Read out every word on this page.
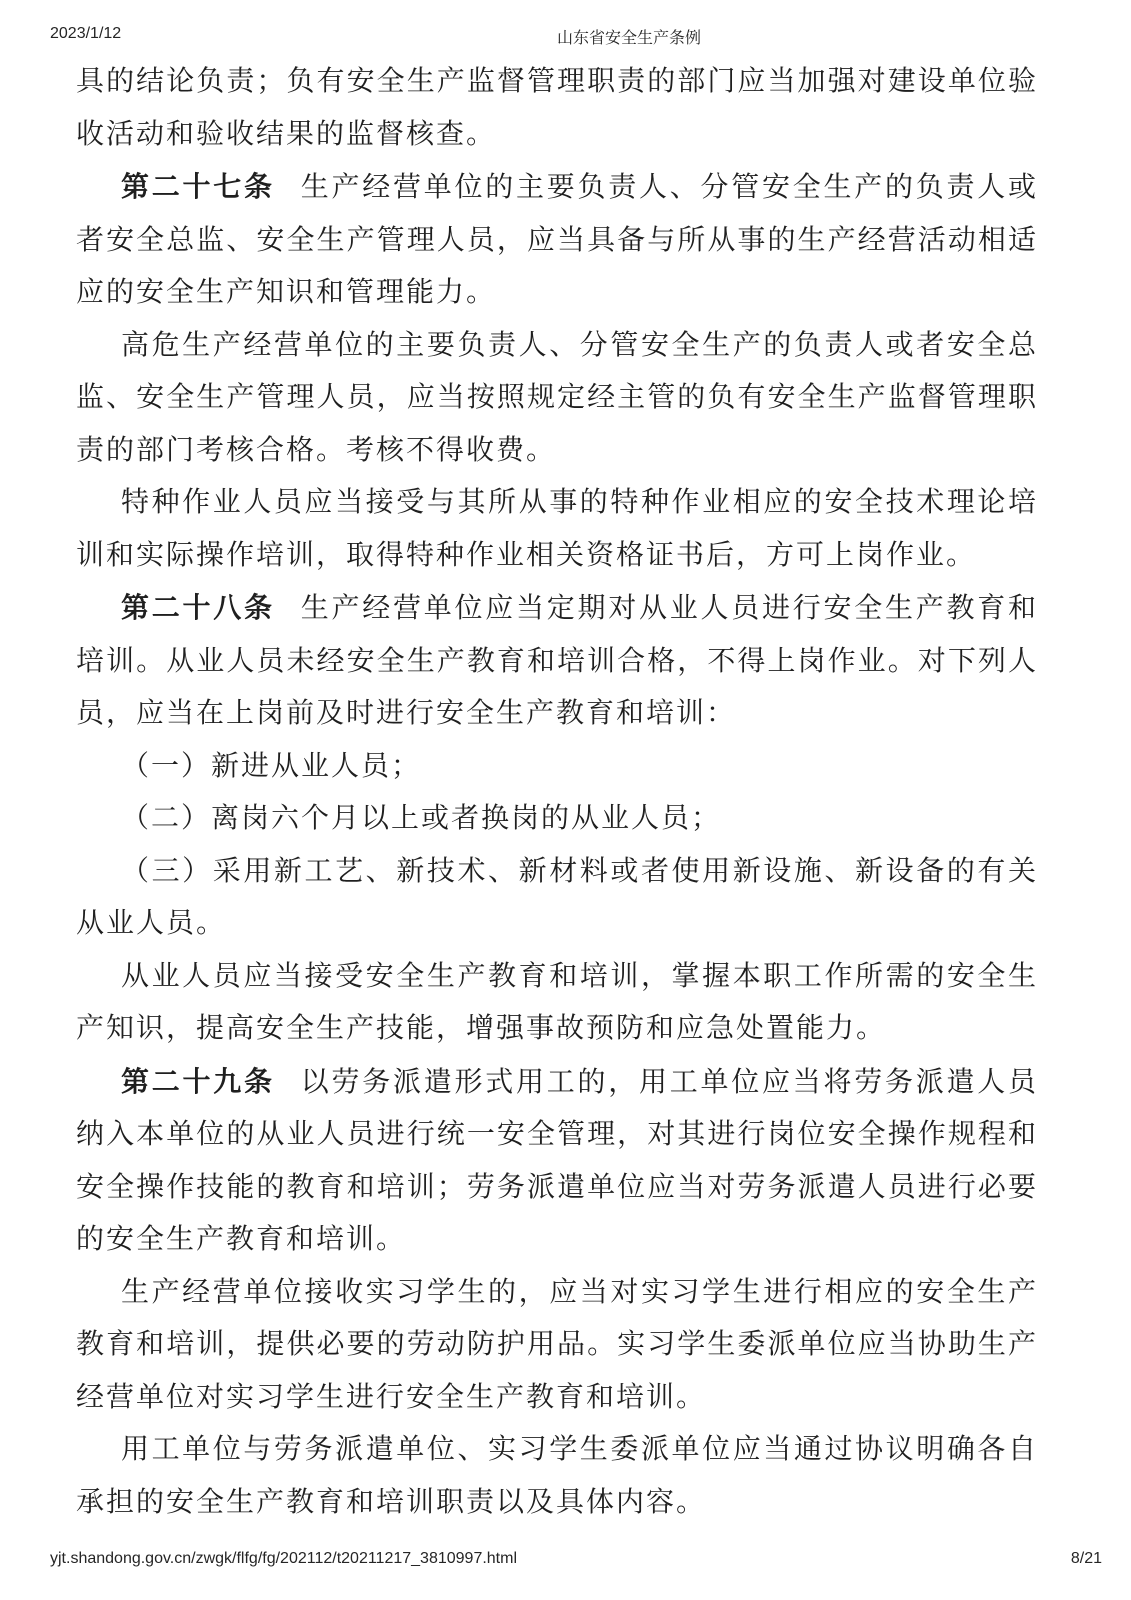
2023/1/12	山东省安全生产条例

具的结论负责；负有安全生产监督管理职责的部门应当加强对建设单位验收活动和验收结果的监督核查。

第二十七条 生产经营单位的主要负责人、分管安全生产的负责人或者安全总监、安全生产管理人员，应当具备与所从事的生产经营活动相适应的安全生产知识和管理能力。

高危生产经营单位的主要负责人、分管安全生产的负责人或者安全总监、安全生产管理人员，应当按照规定经主管的负有安全生产监督管理职责的部门考核合格。考核不得收费。

特种作业人员应当接受与其所从事的特种作业相应的安全技术理论培训和实际操作培训，取得特种作业相关资格证书后，方可上岗作业。

第二十八条 生产经营单位应当定期对从业人员进行安全生产教育和培训。从业人员未经安全生产教育和培训合格，不得上岗作业。对下列人员，应当在上岗前及时进行安全生产教育和培训：

（一）新进从业人员；

（二）离岗六个月以上或者换岗的从业人员；

（三）采用新工艺、新技术、新材料或者使用新设施、新设备的有关从业人员。

从业人员应当接受安全生产教育和培训，掌握本职工作所需的安全生产知识，提高安全生产技能，增强事故预防和应急处置能力。

第二十九条 以劳务派遣形式用工的，用工单位应当将劳务派遣人员纳入本单位的从业人员进行统一安全管理，对其进行岗位安全操作规程和安全操作技能的教育和培训；劳务派遣单位应当对劳务派遣人员进行必要的安全生产教育和培训。

生产经营单位接收实习学生的，应当对实习学生进行相应的安全生产教育和培训，提供必要的劳动防护用品。实习学生委派单位应当协助生产经营单位对实习学生进行安全生产教育和培训。

用工单位与劳务派遣单位、实习学生委派单位应当通过协议明确各自承担的安全生产教育和培训职责以及具体内容。

yjt.shandong.gov.cn/zwgk/flfg/fg/202112/t20211217_3810997.html	8/21
